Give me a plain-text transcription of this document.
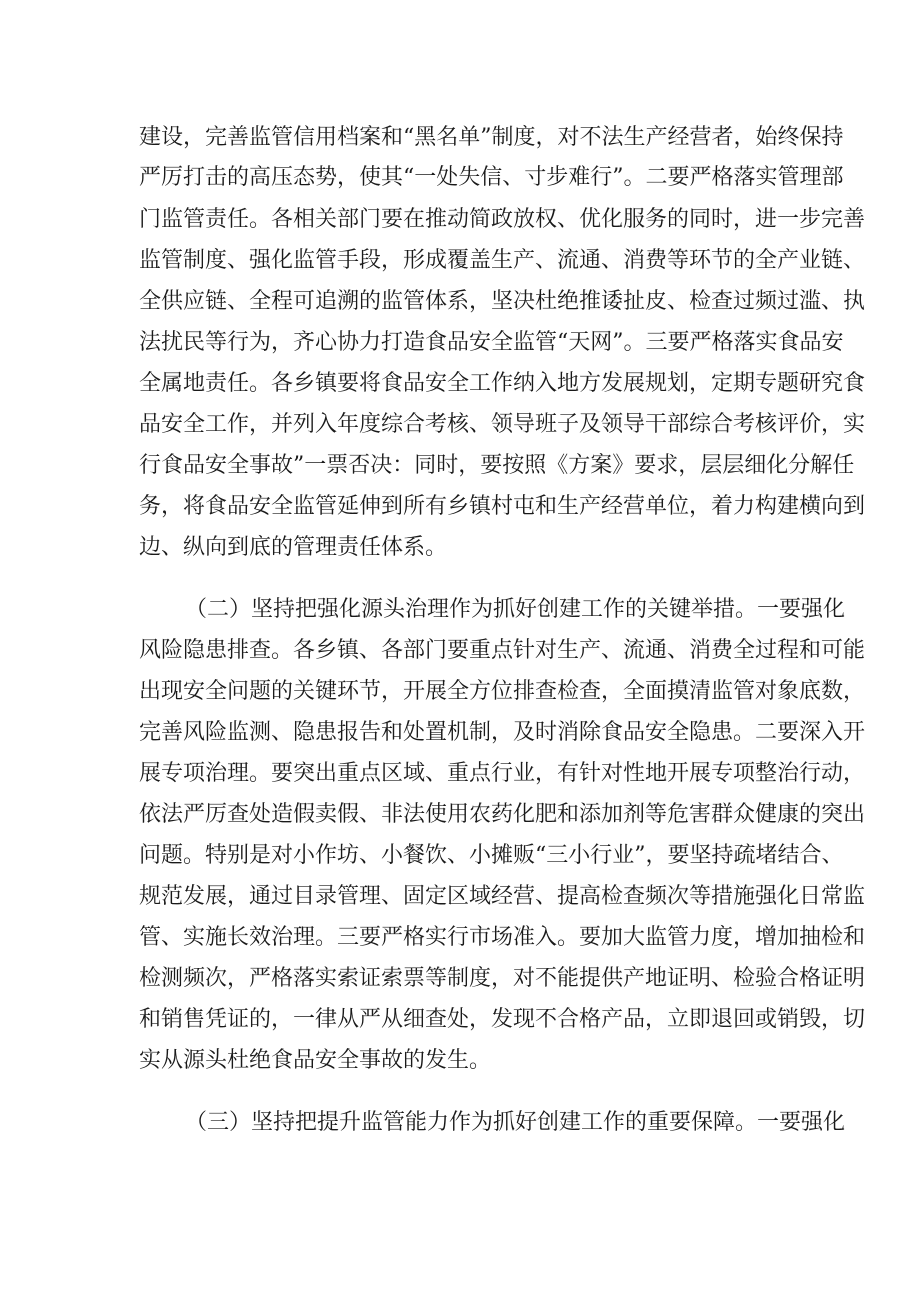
建设，完善监管信用档案和“黑名单”制度，对不法生产经营者，始终保持
严厉打击的高压态势，使其“一处失信、寸步难行”。二要严格落实管理部
门监管责任。各相关部门要在推动简政放权、优化服务的同时，进一步完善
监管制度、强化监管手段，形成覆盖生产、流通、消费等环节的全产业链、
全供应链、全程可追溯的监管体系，坚决杜绝推诿扯皮、检查过频过滥、执
法扰民等行为，齐心协力打造食品安全监管“天网”。三要严格落实食品安
全属地责任。各乡镇要将食品安全工作纳入地方发展规划，定期专题研究食
品安全工作，并列入年度综合考核、领导班子及领导干部综合考核评价，实
行食品安全事故”一票否决：同时，要按照《方案》要求，层层细化分解任
务，将食品安全监管延伸到所有乡镇村屯和生产经营单位，着力构建横向到
边、纵向到底的管理责任体系。
（二）坚持把强化源头治理作为抓好创建工作的关键举措。一要强化
风险隐患排查。各乡镇、各部门要重点针对生产、流通、消费全过程和可能
出现安全问题的关键环节，开展全方位排查检查，全面摸清监管对象底数，
完善风险监测、隐患报告和处置机制，及时消除食品安全隐患。二要深入开
展专项治理。要突出重点区域、重点行业，有针对性地开展专项整治行动，
依法严厉查处造假卖假、非法使用农药化肥和添加剂等危害群众健康的突出
问题。特别是对小作坊、小餐饮、小摊贩“三小行业”，要坚持疏堵结合、
规范发展，通过目录管理、固定区域经营、提高检查频次等措施强化日常监
管、实施长效治理。三要严格实行市场准入。要加大监管力度，增加抽检和
检测频次，严格落实索证索票等制度，对不能提供产地证明、检验合格证明
和销售凭证的，一律从严从细查处，发现不合格产品，立即退回或销毁，切
实从源头杜绝食品安全事故的发生。
（三）坚持把提升监管能力作为抓好创建工作的重要保障。一要强化
